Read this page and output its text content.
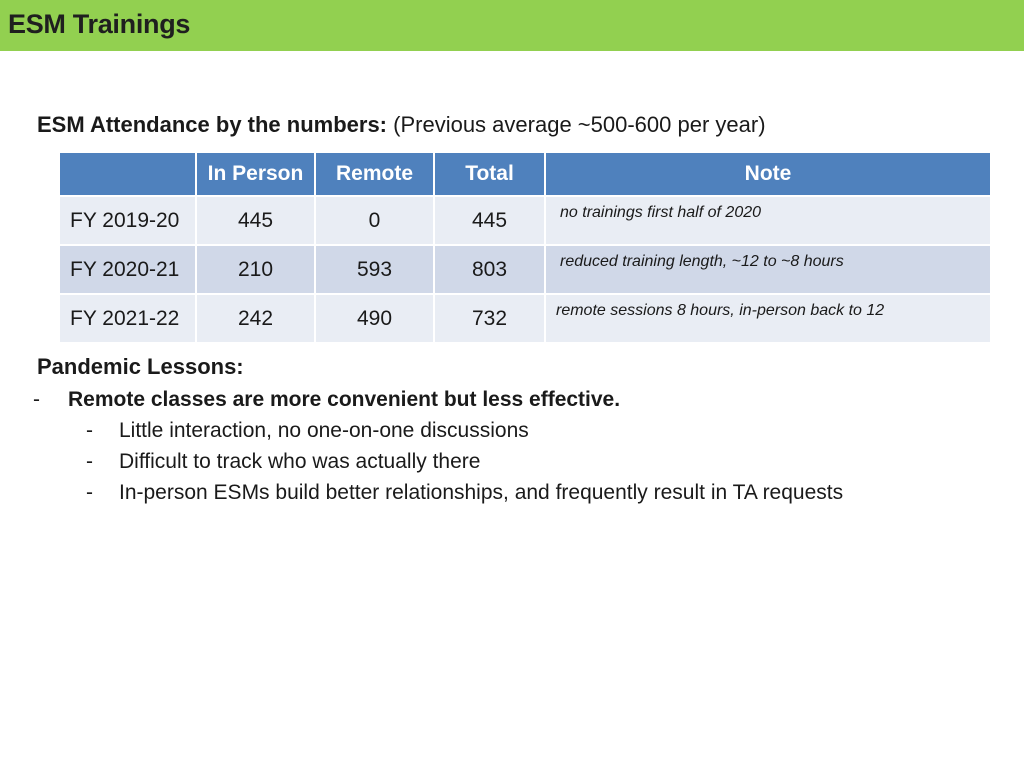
ESM Trainings
ESM Attendance by the numbers: (Previous average ~500-600 per year)
	In Person	Remote	Total	Note
FY 2019-20	445	0	445	no trainings first half of 2020
FY 2020-21	210	593	803	reduced training length, ~12 to ~8 hours
FY 2021-22	242	490	732	remote sessions 8 hours, in-person back to 12
Pandemic Lessons:
- Remote classes are more convenient but less effective.
- Little interaction, no one-on-one discussions
- Difficult to track who was actually there
- In-person ESMs build better relationships, and frequently result in TA requests
